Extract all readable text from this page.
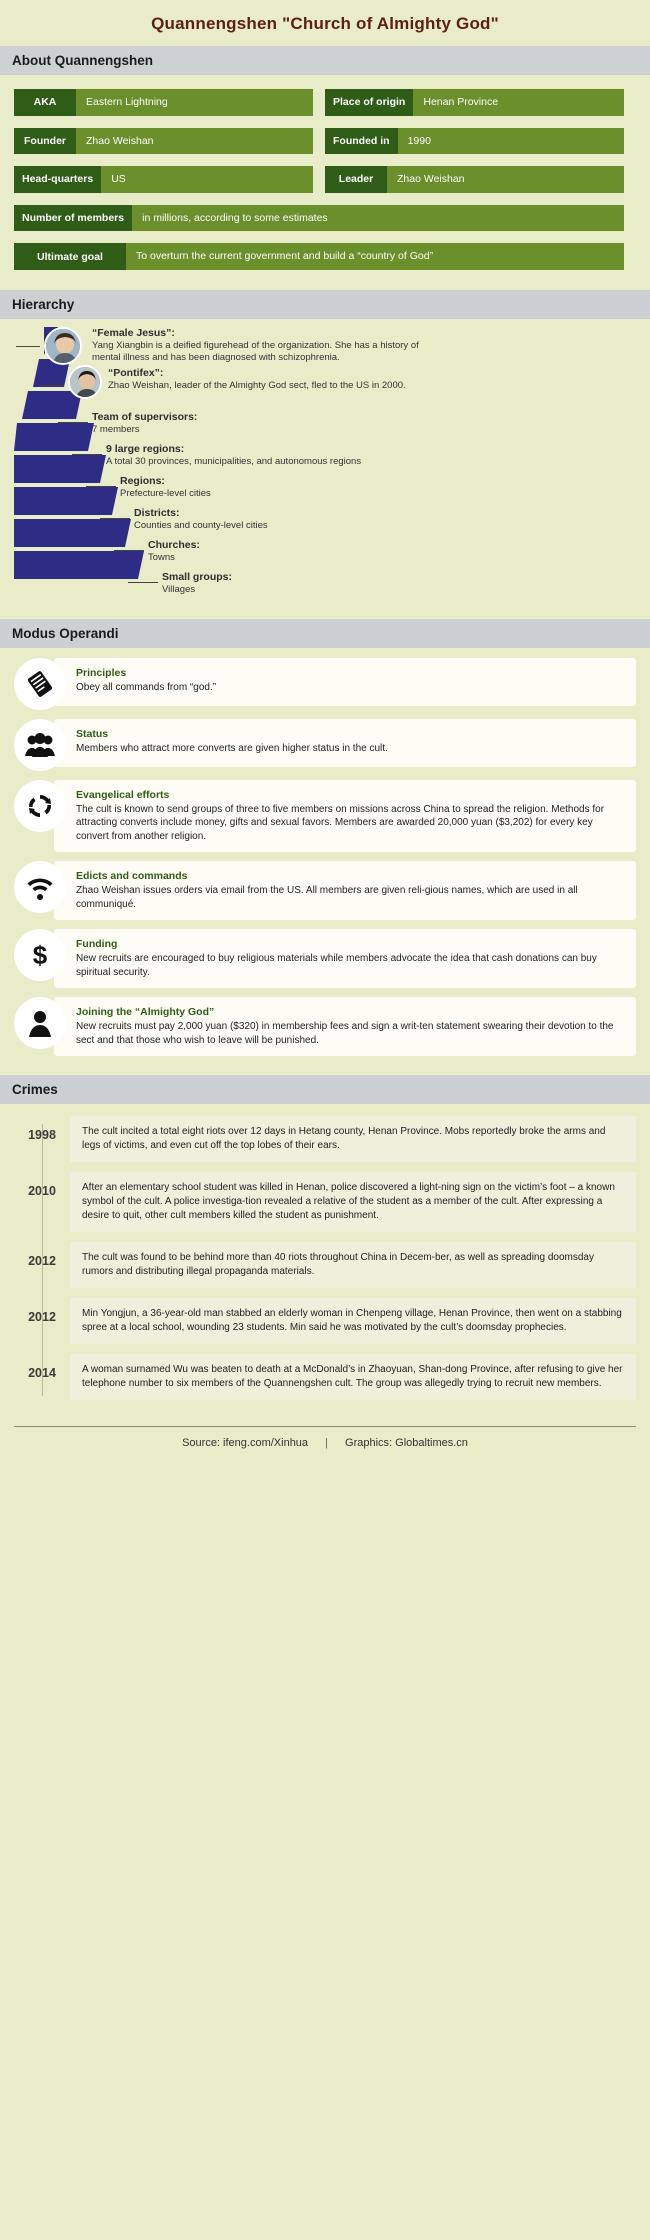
Quannengshen "Church of Almighty God"
About Quannengshen
AKA	Eastern Lightning	Place of origin	Henan Province
Founder	Zhao Weishan	Founded in	1990
Head-quarters	US	Leader	Zhao Weishan
Number of members	in millions, according to some estimates
Ultimate goal	To overturn the current government and build a “country of God”
Hierarchy
“Female Jesus”:
Yang Xiangbin is a deified figurehead of the organization. She has a history of mental illness and has been diagnosed with schizophrenia.
“Pontifex”:
Zhao Weishan, leader of the Almighty God sect, fled to the US in 2000.
Team of supervisors:
7 members
9 large regions:
A total 30 provinces, municipalities, and autonomous regions
Regions:
Prefecture-level cities
Districts:
Counties and county-level cities
Churches:
Towns
Small groups:
Villages
Modus Operandi
Principles
Obey all commands from “god.”
Status
Members who attract more converts are given higher status in the cult.
Evangelical efforts
The cult is known to send groups of three to five members on missions across China to spread the religion. Methods for attracting converts include money, gifts and sexual favors. Members are awarded 20,000 yuan ($3,202) for every key convert from another religion.
Edicts and commands
Zhao Weishan issues orders via email from the US. All members are given reli-gious names, which are used in all communiqué.
$	Funding
New recruits are encouraged to buy religious materials while members advocate the idea that cash donations can buy spiritual security.
Joining the “Almighty God”
New recruits must pay 2,000 yuan ($320) in membership fees and sign a writ-ten statement swearing their devotion to the sect and that those who wish to leave will be punished.
Crimes
1998	The cult incited a total eight riots over 12 days in Hetang county, Henan Province. Mobs reportedly broke the arms and legs of victims, and even cut off the top lobes of their ears.
2010	After an elementary school student was killed in Henan, police discovered a light-ning sign on the victim’s foot – a known symbol of the cult. A police investiga-tion revealed a relative of the student as a member of the cult. After expressing a desire to quit, other cult members killed the student as punishment.
2012	The cult was found to be behind more than 40 riots throughout China in Decem-ber, as well as spreading doomsday rumors and distributing illegal propaganda materials.
2012	Min Yongjun, a 36-year-old man stabbed an elderly woman in Chenpeng village, Henan Province, then went on a stabbing spree at a local school, wounding 23 students. Min said he was motivated by the cult’s doomsday prophecies.
2014	A woman surnamed Wu was beaten to death at a McDonald’s in Zhaoyuan, Shan-dong Province, after refusing to give her telephone number to six members of the Quannengshen cult. The group was allegedly trying to recruit new members.
Source: ifeng.com/Xinhua | Graphics: Globaltimes.cn
